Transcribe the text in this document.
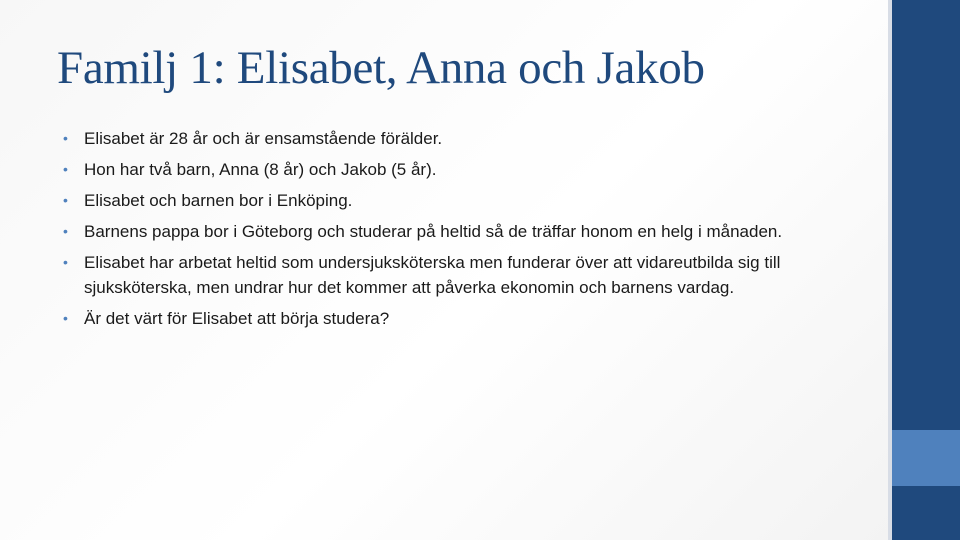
Familj 1: Elisabet, Anna och Jakob
• Elisabet är 28 år och är ensamstående förälder.
• Hon har två barn, Anna (8 år) och Jakob (5 år).
• Elisabet och barnen bor i Enköping.
• Barnens pappa bor i Göteborg och studerar på heltid så de träffar honom en helg i månaden.
• Elisabet har arbetat heltid som undersjuksköterska men funderar över att vidareutbilda sig till sjuksköterska, men undrar hur det kommer att påverka ekonomin och barnens vardag.
• Är det värt för Elisabet att börja studera?
